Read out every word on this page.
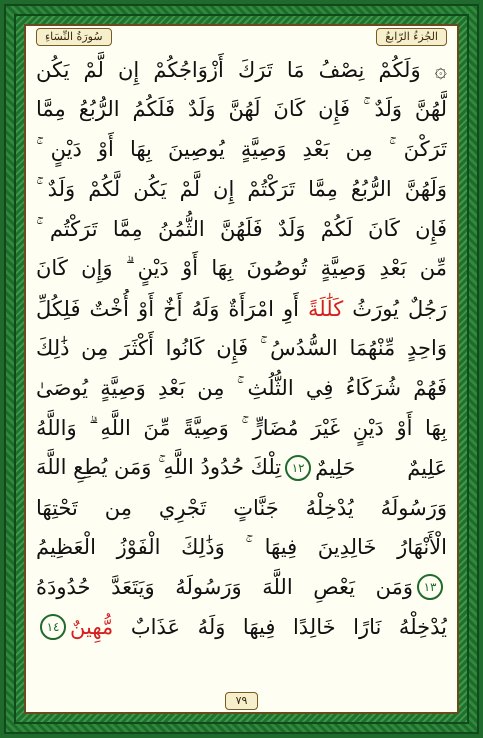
سُورَةُ النِّسَاءِ	الجُزءُ الرّابعُ
۞ وَلَكُمْ نِصْفُ مَا تَرَكَ أَزْوَاجُكُمْ إِن لَّمْ يَكُن
لَّهُنَّ وَلَدٌ ۚ فَإِن كَانَ لَهُنَّ وَلَدٌ فَلَكُمُ الرُّبُعُ مِمَّا
تَرَكْنَ ۚ مِن بَعْدِ وَصِيَّةٍ يُوصِينَ بِهَا أَوْ دَيْنٍ ۚ
وَلَهُنَّ الرُّبُعُ مِمَّا تَرَكْتُمْ إِن لَّمْ يَكُن لَّكُمْ وَلَدٌ ۚ
فَإِن كَانَ لَكُمْ وَلَدٌ فَلَهُنَّ الثُّمُنُ مِمَّا تَرَكْتُم ۚ
مِّن بَعْدِ وَصِيَّةٍ تُوصُونَ بِهَا أَوْ دَيْنٍ ۗ وَإِن كَانَ
رَجُلٌ يُورَثُ كَلَٰلَةً أَوِ امْرَأَةٌ وَلَهُ أَخٌ أَوْ أُخْتٌ فَلِكُلِّ
وَاحِدٍ مِّنْهُمَا السُّدُسُ ۚ فَإِن كَانُوا أَكْثَرَ مِن ذَٰلِكَ
فَهُمْ شُرَكَاءُ فِي الثُّلُثِ ۚ مِن بَعْدِ وَصِيَّةٍ يُوصَىٰ
بِهَا أَوْ دَيْنٍ غَيْرَ مُضَارٍّ ۚ وَصِيَّةً مِّنَ اللَّهِ ۗ وَاللَّهُ
عَلِيمٌ حَلِيمٌ
١٢
تِلْكَ حُدُودُ اللَّهِ ۚ وَمَن يُطِعِ اللَّهَ
وَرَسُولَهُ يُدْخِلْهُ جَنَّاتٍ تَجْرِي مِن تَحْتِهَا
الْأَنْهَارُ خَالِدِينَ فِيهَا ۚ وَذَٰلِكَ الْفَوْزُ الْعَظِيمُ
١٣
وَمَن يَعْصِ اللَّهَ وَرَسُولَهُ وَيَتَعَدَّ حُدُودَهُ
يُدْخِلْهُ نَارًا خَالِدًا فِيهَا وَلَهُ عَذَابٌ مُّهِينٌ
١٤
٧٩
